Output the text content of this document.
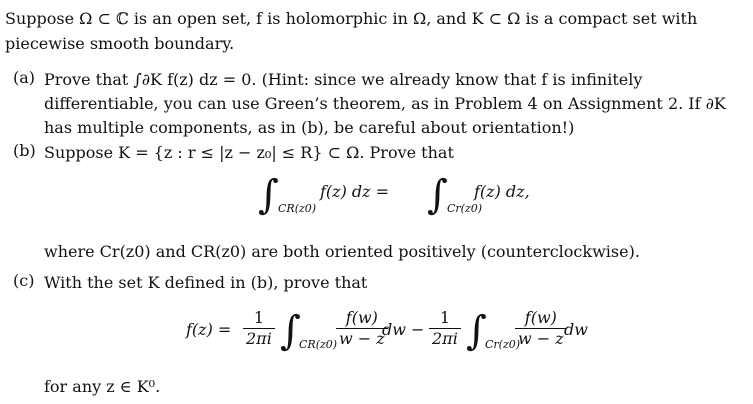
Suppose Ω ⊂ ℂ is an open set, f is holomorphic in Ω, and K ⊂ Ω is a compact set with piecewise smooth boundary.
(a) Prove that ∫∂K f(z) dz = 0. (Hint: since we already know that f is infinitely differentiable, you can use Green’s theorem, as in Problem 4 on Assignment 2. If ∂K has multiple components, as in (b), be careful about orientation!)
(b) Suppose K = {z : r ≤ |z − z₀| ≤ R} ⊂ Ω. Prove that
∫ CR(z0)
f(z) dz = ∫ Cr(z0)
f(z) dz,
where Cr(z0) and CR(z0) are both oriented positively (counterclockwise).
(c) With the set K defined in (b), prove that
$f(z) = \frac{1}{2\pi i}$ ∫
CR(z0)
$\frac{f(w)}{w - z}$
dw − $\frac{1}{2\pi i}$ ∫
Cr(z0)
$\frac{f(w)}{w - z}$
dw
for any z ∈ K⁰.
